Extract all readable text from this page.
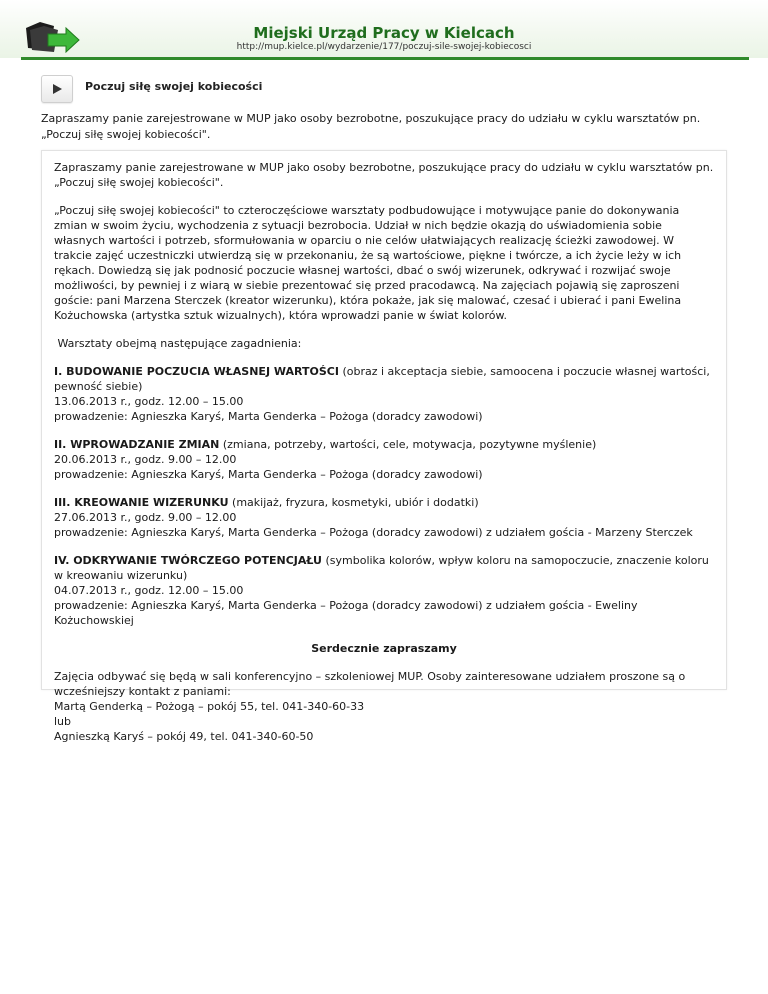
Miejski Urząd Pracy w Kielcach
http://mup.kielce.pl/wydarzenie/177/poczuj-sile-swojej-kobiecosci
Poczuj siłę swojej kobiecości
Zapraszamy panie zarejestrowane w MUP jako osoby bezrobotne, poszukujące pracy do udziału w cyklu warsztatów pn. „Poczuj siłę swojej kobiecości".

Zapraszamy panie zarejestrowane w MUP jako osoby bezrobotne, poszukujące pracy do udziału w cyklu warsztatów pn. „Poczuj siłę swojej kobiecości".

„Poczuj siłę swojej kobiecości" to czteroczęściowe warsztaty podbudowujące i motywujące panie do dokonywania zmian w swoim życiu, wychodzenia z sytuacji bezrobocia. Udział w nich będzie okazją do uświadomienia sobie własnych wartości i potrzeb, sformułowania w oparciu o nie celów ułatwiających realizację ścieżki zawodowej. W trakcie zajęć uczestniczki utwierdzą się w przekonaniu, że są wartościowe, piękne i twórcze, a ich życie leży w ich rękach. Dowiedzą się jak podnosić poczucie własnej wartości, dbać o swój wizerunek, odkrywać i rozwijać swoje możliwości, by pewniej i z wiarą w siebie prezentować się przed pracodawcą. Na zajęciach pojawią się zaproszeni goście: pani Marzena Sterczek (kreator wizerunku), która pokaże, jak się malować, czesać i ubierać i pani Ewelina Kożuchowska (artystka sztuk wizualnych), która wprowadzi panie w świat kolorów.

Warsztaty obejmą następujące zagadnienia:

I. BUDOWANIE POCZUCIA WŁASNEJ WARTOŚCI (obraz i akceptacja siebie, samoocena i poczucie własnej wartości, pewność siebie)
13.06.2013 r., godz. 12.00 – 15.00
prowadzenie: Agnieszka Karyś, Marta Genderka – Pożoga (doradcy zawodowi)

II. WPROWADZANIE ZMIAN (zmiana, potrzeby, wartości, cele, motywacja, pozytywne myślenie)
20.06.2013 r., godz. 9.00 – 12.00
prowadzenie: Agnieszka Karyś, Marta Genderka – Pożoga (doradcy zawodowi)

III. KREOWANIE WIZERUNKU (makijaż, fryzura, kosmetyki, ubiór i dodatki)
27.06.2013 r., godz. 9.00 – 12.00
prowadzenie: Agnieszka Karyś, Marta Genderka – Pożoga (doradcy zawodowi) z udziałem gościa - Marzeny Sterczek

IV. ODKRYWANIE TWÓRCZEGO POTENCJAŁU (symbolika kolorów, wpływ koloru na samopoczucie, znaczenie koloru w kreowaniu wizerunku)
04.07.2013 r., godz. 12.00 – 15.00
prowadzenie: Agnieszka Karyś, Marta Genderka – Pożoga (doradcy zawodowi) z udziałem gościa - Eweliny Kożuchowskiej

Serdecznie zapraszamy

Zajęcia odbywać się będą w sali konferencyjno – szkoleniowej MUP. Osoby zainteresowane udziałem proszone są o wcześniejszy kontakt z paniami:
Martą Genderką – Pożogą – pokój 55, tel. 041-340-60-33
lub
Agnieszką Karyś – pokój 49, tel. 041-340-60-50
